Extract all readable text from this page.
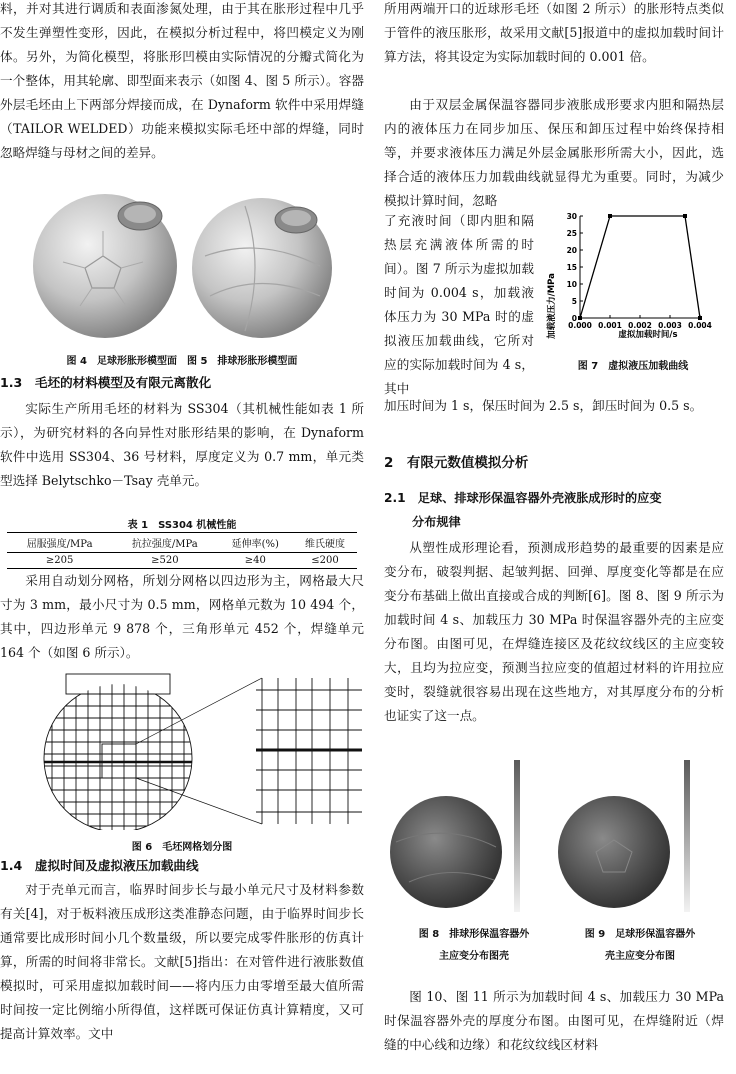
料，并对其进行调质和表面渗氮处理，由于其在胀形过程中几乎不发生弹塑性变形，因此，在模拟分析过程中，将凹模定义为刚体。另外，为简化模型，将胀形凹模由实际情况的分瓣式简化为一个整体，用其轮廓、即型面来表示（如图 4、图 5 所示）。容器外层毛坯由上下两部分焊接而成，在 Dynaform 软件中采用焊缝（TAILOR WELDED）功能来模拟实际毛坯中部的焊缝，同时忽略焊缝与母材之间的差异。

图 4　足球形胀形模型面　图 5　排球形胀形模型面

1.3　毛坯的材料模型及有限元离散化

实际生产所用毛坯的材料为 SS304（其机械性能如表 1 所示），为研究材料的各向异性对胀形结果的影响，在 Dynaform 软件中选用 SS304、36 号材料，厚度定义为 0.7 mm，单元类型选择 Belytschko－Tsay 壳单元。

表 1　SS304 机械性能
屈服强度/MPa	抗拉强度/MPa	延伸率(%)	维氏硬度
≥205	≥520	≥40	≤200

采用自动划分网格，所划分网格以四边形为主，网格最大尺寸为 3 mm，最小尺寸为 0.5 mm，网格单元数为 10 494 个，其中，四边形单元 9 878 个，三角形单元 452 个，焊缝单元 164 个（如图 6 所示）。

图 6　毛坯网格划分图

1.4　虚拟时间及虚拟液压加载曲线

对于壳单元而言，临界时间步长与最小单元尺寸及材料参数有关[4]，对于板料液压成形这类准静态问题，由于临界时间步长通常要比成形时间小几个数量级，所以要完成零件胀形的仿真计算，所需的时间将非常长。文献[5]指出：在对管件进行液胀数值模拟时，可采用虚拟加载时间——将内压力由零增至最大值所需时间按一定比例缩小所得值，这样既可保证仿真计算精度，又可提高计算效率。文中

所用两端开口的近球形毛坯（如图 2 所示）的胀形特点类似于管件的液压胀形，故采用文献[5]报道中的虚拟加载时间计算方法，将其设定为实际加载时间的 0.001 倍。

由于双层金属保温容器同步液胀成形要求内胆和隔热层内的液体压力在同步加压、保压和卸压过程中始终保持相等，并要求液体压力满足外层金属胀形所需大小，因此，选择合适的液体压力加载曲线就显得尤为重要。同时，为减少模拟计算时间，忽略

了充液时间（即内胆和隔热层充满液体所需的时间）。图 7 所示为虚拟加载时间为 0.004 s，加载液体压力为 30 MPa 时的虚拟液压加载曲线，它所对应的实际加载时间为 4 s，其中

加载液压力/MPa 0
5
10
15
20
25
30
0.000 0.001 0.002 0.003 0.004
虚拟加载时间/s
图 7　虚拟液压加载曲线

加压时间为 1 s，保压时间为 2.5 s，卸压时间为 0.5 s。

2　有限元数值模拟分析

2.1　足球、排球形保温容器外壳液胀成形时的应变

分布规律

从塑性成形理论看，预测成形趋势的最重要的因素是应变分布，破裂判据、起皱判据、回弹、厚度变化等都是在应变分布基础上做出直接或合成的判断[6]。图 8、图 9 所示为加载时间 4 s、加载压力 30 MPa 时保温容器外壳的主应变分布图。由图可见，在焊缝连接区及花纹纹线区的主应变较大，且均为拉应变，预测当拉应变的值超过材料的许用拉应变时，裂缝就很容易出现在这些地方，对其厚度分布的分析也证实了这一点。

图 8　排球形保温容器外
主应变分布图壳
图 9　足球形保温容器外
壳主应变分布图

图 10、图 11 所示为加载时间 4 s、加载压力 30 MPa 时保温容器外壳的厚度分布图。由图可见，在焊缝附近（焊缝的中心线和边缘）和花纹纹线区材料
